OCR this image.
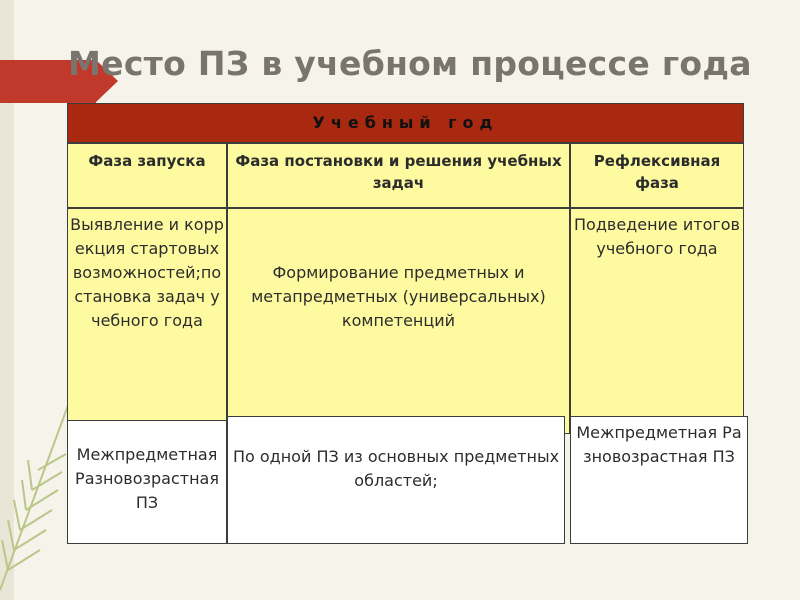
Место ПЗ в учебном процессе года
Учебный год
Фаза запуска	Фаза постановки и решения учебных задач
Рефлексивная фаза
Выявление и коррекция стартовых возможностей;постановка задач учебного года
Формирование предметных и метапредметных (универсальных) компетенций
Подведение итогов учебного года
Межпредметная Разновозрастная ПЗ
По одной ПЗ из основных предметных областей;
Межпредметная Разновозрастная ПЗ
